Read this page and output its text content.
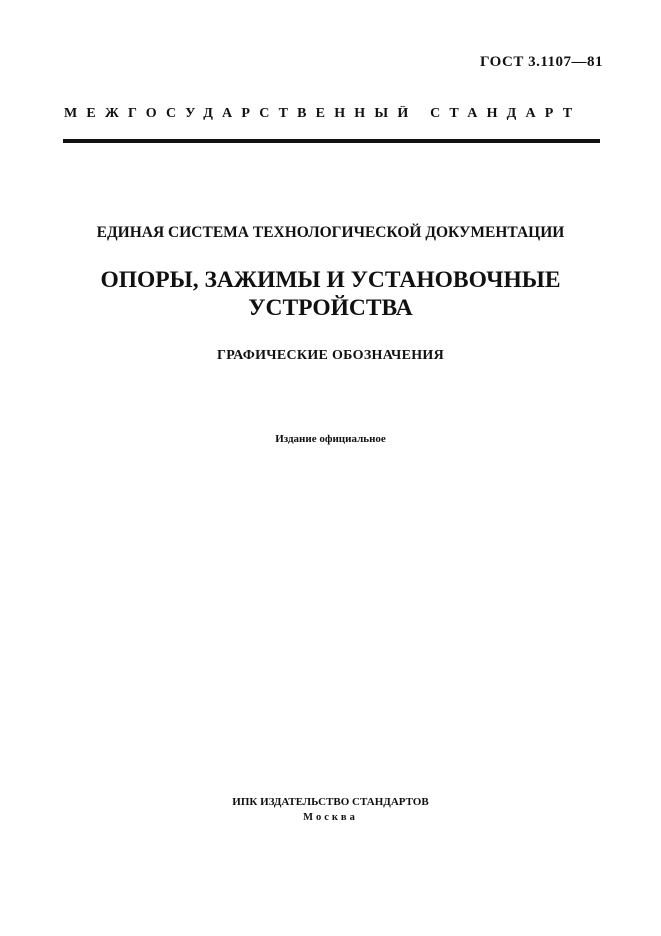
ГОСТ 3.1107—81
МЕЖГОСУДАРСТВЕННЫЙ СТАНДАРТ
ЕДИНАЯ СИСТЕМА ТЕХНОЛОГИЧЕСКОЙ ДОКУМЕНТАЦИИ
ОПОРЫ, ЗАЖИМЫ И УСТАНОВОЧНЫЕ
УСТРОЙСТВА
ГРАФИЧЕСКИЕ ОБОЗНАЧЕНИЯ
Издание официальное
ИПК ИЗДАТЕЛЬСТВО СТАНДАРТОВ
Москва
